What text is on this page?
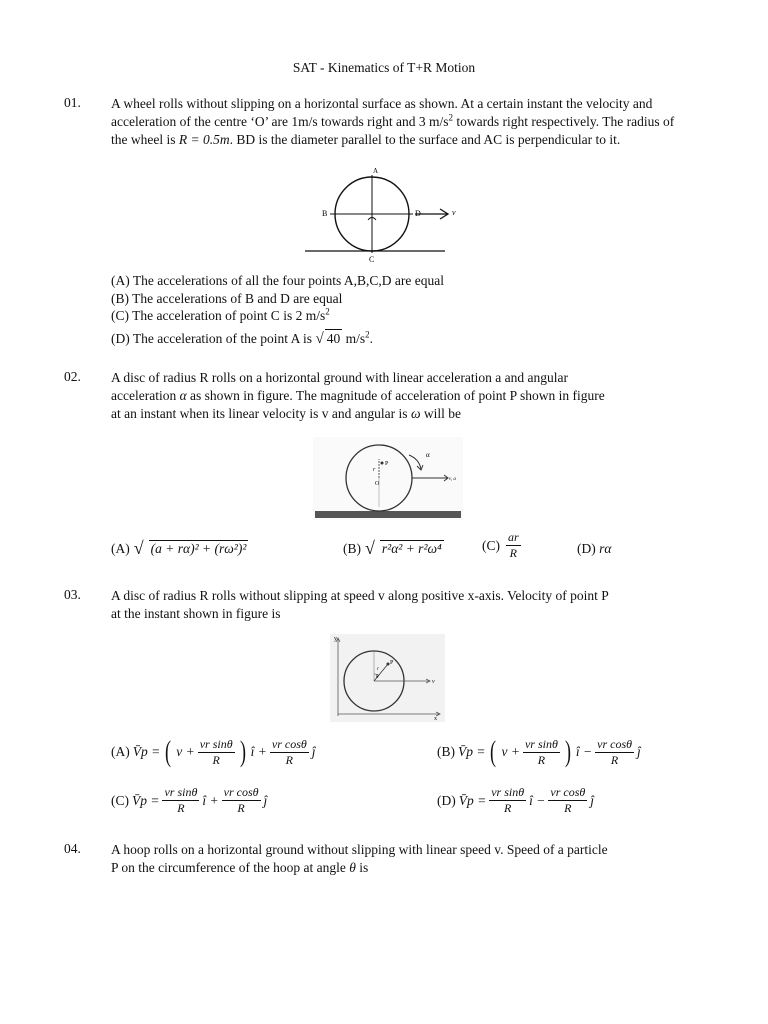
SAT - Kinematics of T+R Motion
01. A wheel rolls without slipping on a horizontal surface as shown. At a certain instant the velocity and
acceleration of the centre ‘O’ are 1m/s towards right and 3 $m/s^2$ towards right respectively. The radius of
the wheel is R = 0.5m. BD is the diameter parallel to the surface and AC is perpendicular to it.
A
B	D
C
v
(A) The accelerations of all the four points A,B,C,D are equal
(B) The accelerations of B and D are equal
(C) The acceleration of point C is 2 $m/s^2$
(D) The acceleration of the point A is √ 40 $m/s^2$.
02. A disc of radius R rolls on a horizontal ground with linear acceleration a and angular
acceleration α as shown in figure. The magnitude of acceleration of point P shown in figure
at an instant when its linear velocity is v and angular is ω will be
P
r
O
α
v, a
(A) √ (a + rα)² + (rω²)²	(B) √ r²α² + r²ω⁴	$(C) \frac{ar}{R}$	(D) rα
03. A disc of radius R rolls without slipping at speed v along positive x-axis. Velocity of point P
at the instant shown in figure is
y
x
v
P
θ
r
(A) V̄p = ( $v + \frac{\text{vr sinθ}}{R}$ ) î + $\frac{\text{vr cosθ}}{R}$ ĵ	(B) V̄p = ( $v + \frac{\text{vr sinθ}}{R}$ ) î − $\frac{\text{vr cosθ}}{R}$ ĵ
(C) V̄p = $\frac{\text{vr sinθ}}{R}$ î + $\frac{\text{vr cosθ}}{R}$ ĵ	(D) V̄p = $\frac{\text{vr sinθ}}{R}$ î − $\frac{\text{vr cosθ}}{R}$ ĵ
04. A hoop rolls on a horizontal ground without slipping with linear speed v. Speed of a particle
P on the circumference of the hoop at angle θ is
